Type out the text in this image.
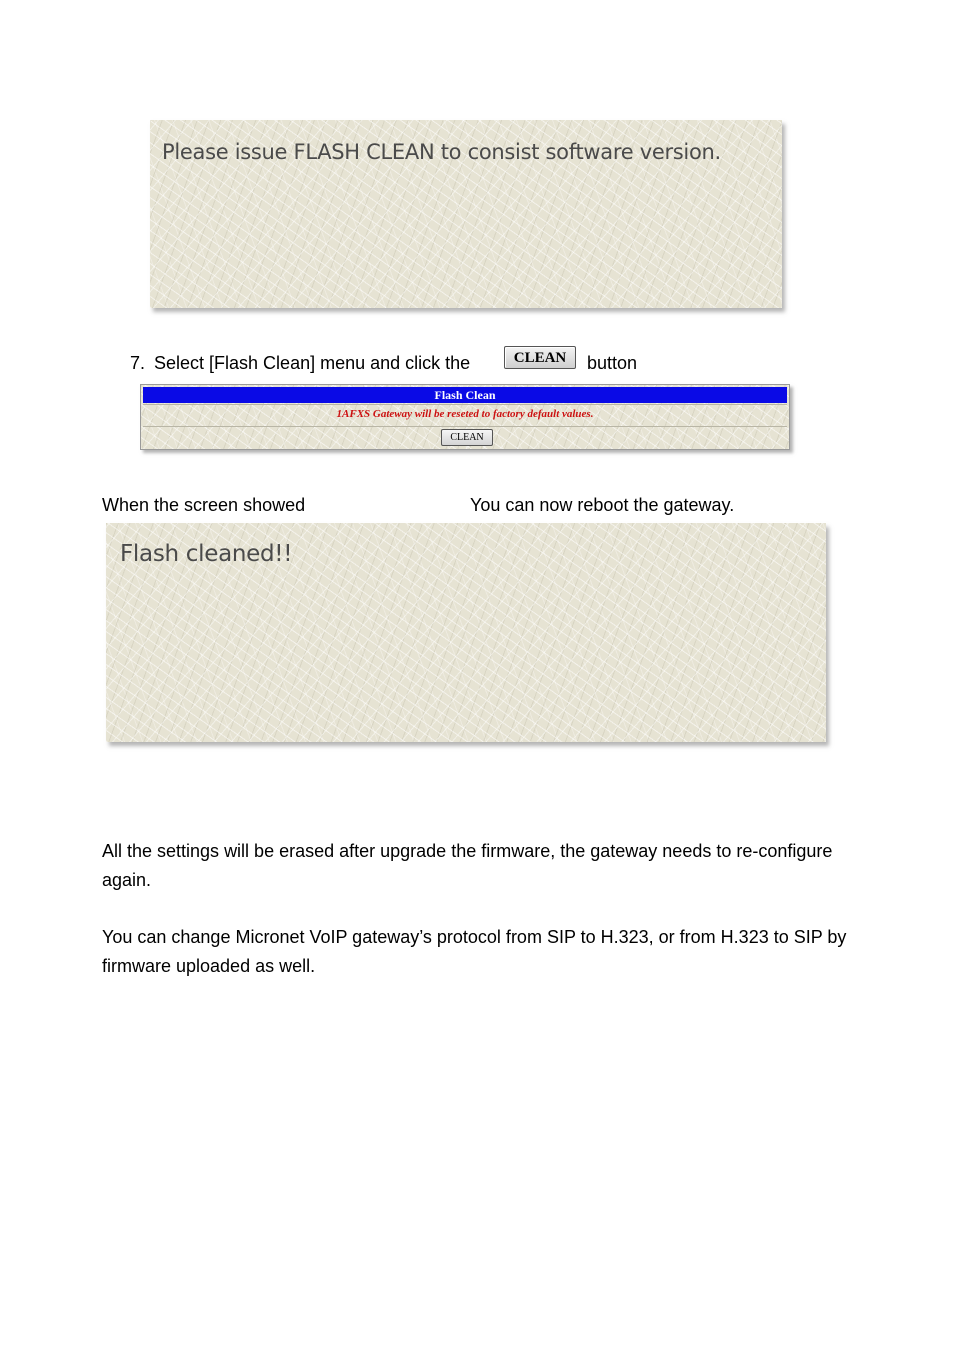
Please issue FLASH CLEAN to consist software version.
7. Select [Flash Clean] menu and click the	CLEAN	button
Flash Clean
1AFXS Gateway will be reseted to factory default values.
CLEAN
When the screen showed	You can now reboot the gateway.
Flash cleaned!!
All the settings will be erased after upgrade the firmware, the gateway needs to re-configure again.
You can change Micronet VoIP gateway’s protocol from SIP to H.323, or from H.323 to SIP by firmware uploaded as well.
